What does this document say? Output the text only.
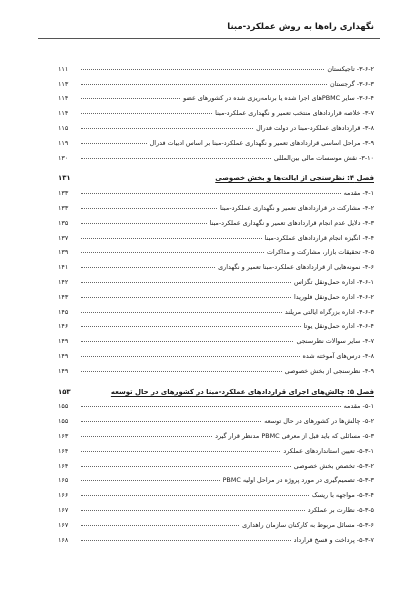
نگهداری راه‌ها به روش عملکرد‌-مبنا
۳-۶-۲- تاجیکستان
۱۱۱
۳-۶-۳- گرجستان
۱۱۳
۳-۶-۴- سایر PBMCهای اجرا شده یا برنامه‌ریزی شده در کشورهای عضو
۱۱۴
۳-۷- خلاصه قراردادهای منتخب تعمیر و نگهداری عملکرد-مبنا
۱۱۴
۳-۸- قراردادهای عملکرد-مبنا در دولت فدرال
۱۱۵
۳-۹- مراحل اساسی قراردادهای تعمیر و نگهداری عملکرد-مبنا بر اساس ادبیات فدرال
۱۱۹
۳-۱۰- نقش موسسات مالی بین‌المللی
۱۳۰
فصل ۴: نظرسنجی از ایالت‌ها و بخش خصوصی
۱۳۱
۴-۱- مقدمه
۱۳۳
۴-۲- مشارکت در قراردادهای تعمیر و نگهداری عملکرد-مبنا
۱۳۳
۴-۳- دلایل عدم انجام قراردادهای تعمیر و نگهداری عملکرد-مبنا
۱۳۵
۴-۴- انگیزه انجام قراردادهای عملکرد-مبنا
۱۳۷
۴-۵- تحقیقات بازار، مشارکت و مذاکرات
۱۳۹
۴-۶- نمونه‌هایی از قراردادهای عملکرد-مبنا تعمیر و نگهداری
۱۴۱
۴-۶-۱- اداره حمل‌ونقل تگزاس
۱۴۲
۴-۶-۲- اداره حمل‌ونقل فلوریدا
۱۴۳
۴-۶-۳- اداره بزرگراه ایالتی مریلند
۱۴۵
۴-۶-۴- اداره حمل‌ونقل یوتا
۱۴۶
۴-۷- سایر سوالات نظرسنجی
۱۴۹
۴-۸- درس‌های آموخته شده
۱۴۹
۴-۹- نظرسنجی از بخش خصوصی
۱۴۹
فصل ۵: چالش‌های اجرای قراردادهای عملکرد-مبنا در کشورهای در حال توسعه
۱۵۳
۵-۱- مقدمه
۱۵۵
۵-۲- چالش‌ها در کشورهای در حال توسعه
۱۵۵
۵-۳- مسائلی که باید قبل از معرفی PBMC مدنظر قرار گیرد
۱۶۳
۵-۳-۱- تعیین استانداردهای عملکرد
۱۶۴
۵-۳-۲- تخصص بخش خصوصی
۱۶۴
۵-۳-۳- تصمیم‌گیری در مورد پروژه در مراحل اولیه PBMC
۱۶۵
۵-۳-۴- مواجهه با ریسک
۱۶۶
۵-۳-۵- نظارت بر عملکرد
۱۶۷
۵-۳-۶- مسائل مربوط به کارکنان سازمان راهداری
۱۶۷
۵-۳-۷- پرداخت و فسخ قرارداد
۱۶۸
